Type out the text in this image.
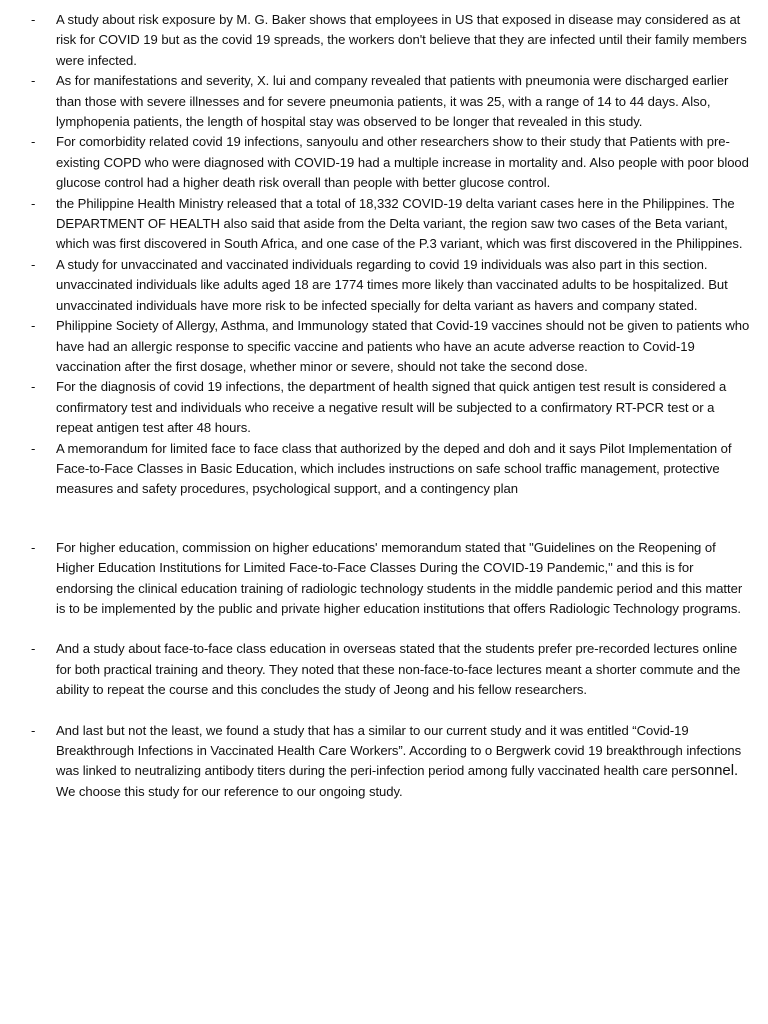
- A study about risk exposure by M. G. Baker shows that employees in US that exposed in disease may considered as at risk for COVID 19 but as the covid 19 spreads, the workers don't believe that they are infected until their family members were infected.
- As for manifestations and severity, X. lui and company revealed that patients with pneumonia were discharged earlier than those with severe illnesses and for severe pneumonia patients, it was 25, with a range of 14 to 44 days. Also, lymphopenia patients, the length of hospital stay was observed to be longer that revealed in this study.
- For comorbidity related covid 19 infections, sanyoulu and other researchers show to their study that Patients with pre-existing COPD who were diagnosed with COVID-19 had a multiple increase in mortality and. Also people with poor blood glucose control had a higher death risk overall than people with better glucose control.
- the Philippine Health Ministry released that a total of 18,332 COVID-19 delta variant cases here in the Philippines. The DEPARTMENT OF HEALTH also said that aside from the Delta variant, the region saw two cases of the Beta variant, which was first discovered in South Africa, and one case of the P.3 variant, which was first discovered in the Philippines.
- A study for unvaccinated and vaccinated individuals regarding to covid 19 individuals was also part in this section. unvaccinated individuals like adults aged 18 are 1774 times more likely than vaccinated adults to be hospitalized. But unvaccinated individuals have more risk to be infected specially for delta variant as havers and company stated.
- Philippine Society of Allergy, Asthma, and Immunology stated that Covid-19 vaccines should not be given to patients who have had an allergic response to specific vaccine and patients who have an acute adverse reaction to Covid-19 vaccination after the first dosage, whether minor or severe, should not take the second dose.
- For the diagnosis of covid 19 infections, the department of health signed that quick antigen test result is considered a confirmatory test and individuals who receive a negative result will be subjected to a confirmatory RT-PCR test or a repeat antigen test after 48 hours.
- A memorandum for limited face to face class that authorized by the deped and doh and it says Pilot Implementation of Face-to-Face Classes in Basic Education, which includes instructions on safe school traffic management, protective measures and safety procedures, psychological support, and a contingency plan
- For higher education, commission on higher educations' memorandum stated that "Guidelines on the Reopening of Higher Education Institutions for Limited Face-to-Face Classes During the COVID-19 Pandemic," and this is for endorsing the clinical education training of radiologic technology students in the middle pandemic period and this matter is to be implemented by the public and private higher education institutions that offers Radiologic Technology programs.
- And a study about face-to-face class education in overseas stated that the students prefer pre-recorded lectures online for both practical training and theory. They noted that these non-face-to-face lectures meant a shorter commute and the ability to repeat the course and this concludes the study of Jeong and his fellow researchers.
- And last but not the least, we found a study that has a similar to our current study and it was entitled “Covid-19 Breakthrough Infections in Vaccinated Health Care Workers”. According to o Bergwerk covid 19 breakthrough infections was linked to neutralizing antibody titers during the peri-infection period among fully vaccinated health care personnel. We choose this study for our reference to our ongoing study.
